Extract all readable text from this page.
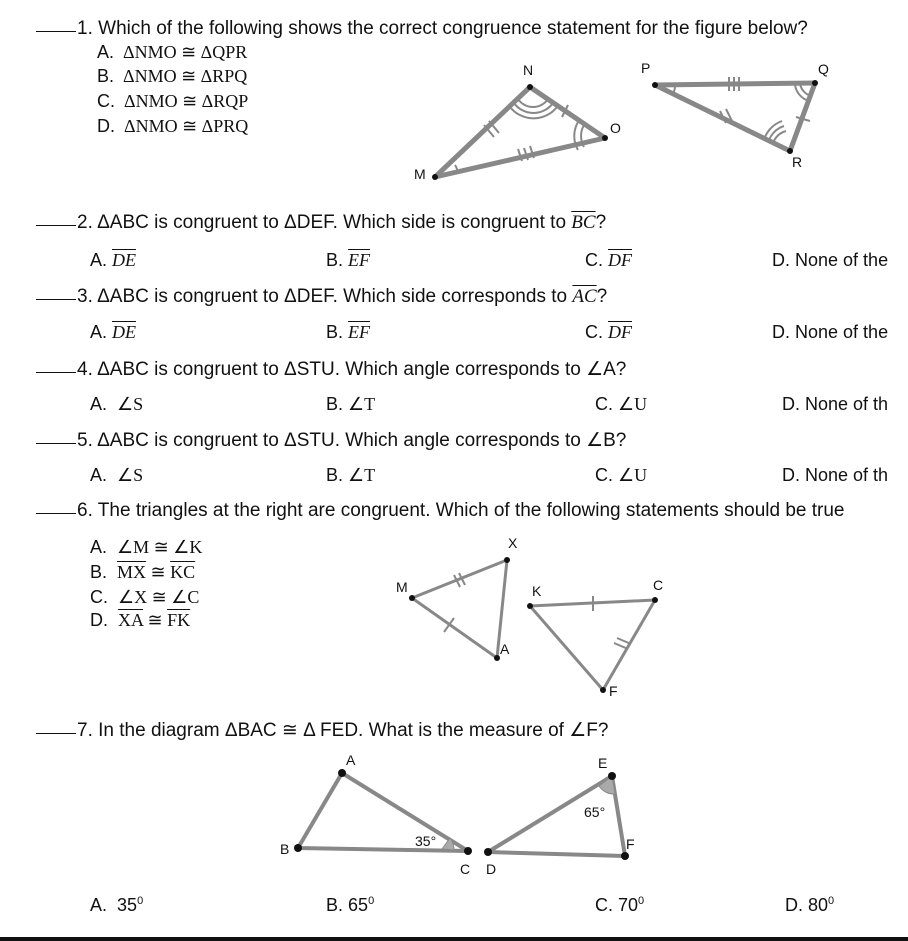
1. Which of the following shows the correct congruence statement for the figure below?
A. ΔNMO ≅ ΔQPR
B. ΔNMO ≅ ΔRPQ
C. ΔNMO ≅ ΔRQP
D. ΔNMO ≅ ΔPRQ
N
M
O
P	Q
R
2. ΔABC is congruent to ΔDEF. Which side is congruent to $\overline{BC}$?
A. $\overline{DE}$	B. $\overline{EF}$	C. $\overline{DF}$	D. None of the
3. ΔABC is congruent to ΔDEF. Which side corresponds to $\overline{AC}$?
A. $\overline{DE}$	B. $\overline{EF}$	C. $\overline{DF}$	D. None of the
4. ΔABC is congruent to ΔSTU. Which angle corresponds to ∠A?
A. ∠S	B. ∠T	C. ∠U	D. None of th
5. ΔABC is congruent to ΔSTU. Which angle corresponds to ∠B?
A. ∠S	B. ∠T	C. ∠U	D. None of th
6. The triangles at the right are congruent. Which of the following statements should be true
A. ∠M ≅ ∠K
B. $\overline{MX}$ ≅ $\overline{KC}$
C. ∠X ≅ ∠C
D. $\overline{XA}$ ≅ $\overline{FK}$
X
M
A
K	C
F
7. In the diagram ΔBAC ≅ Δ FED. What is the measure of ∠F?
A
B
C
35°
E
D
F
65°
A. $35^0$	B. $65^0$	C. $70^0$	D. $80^0$
